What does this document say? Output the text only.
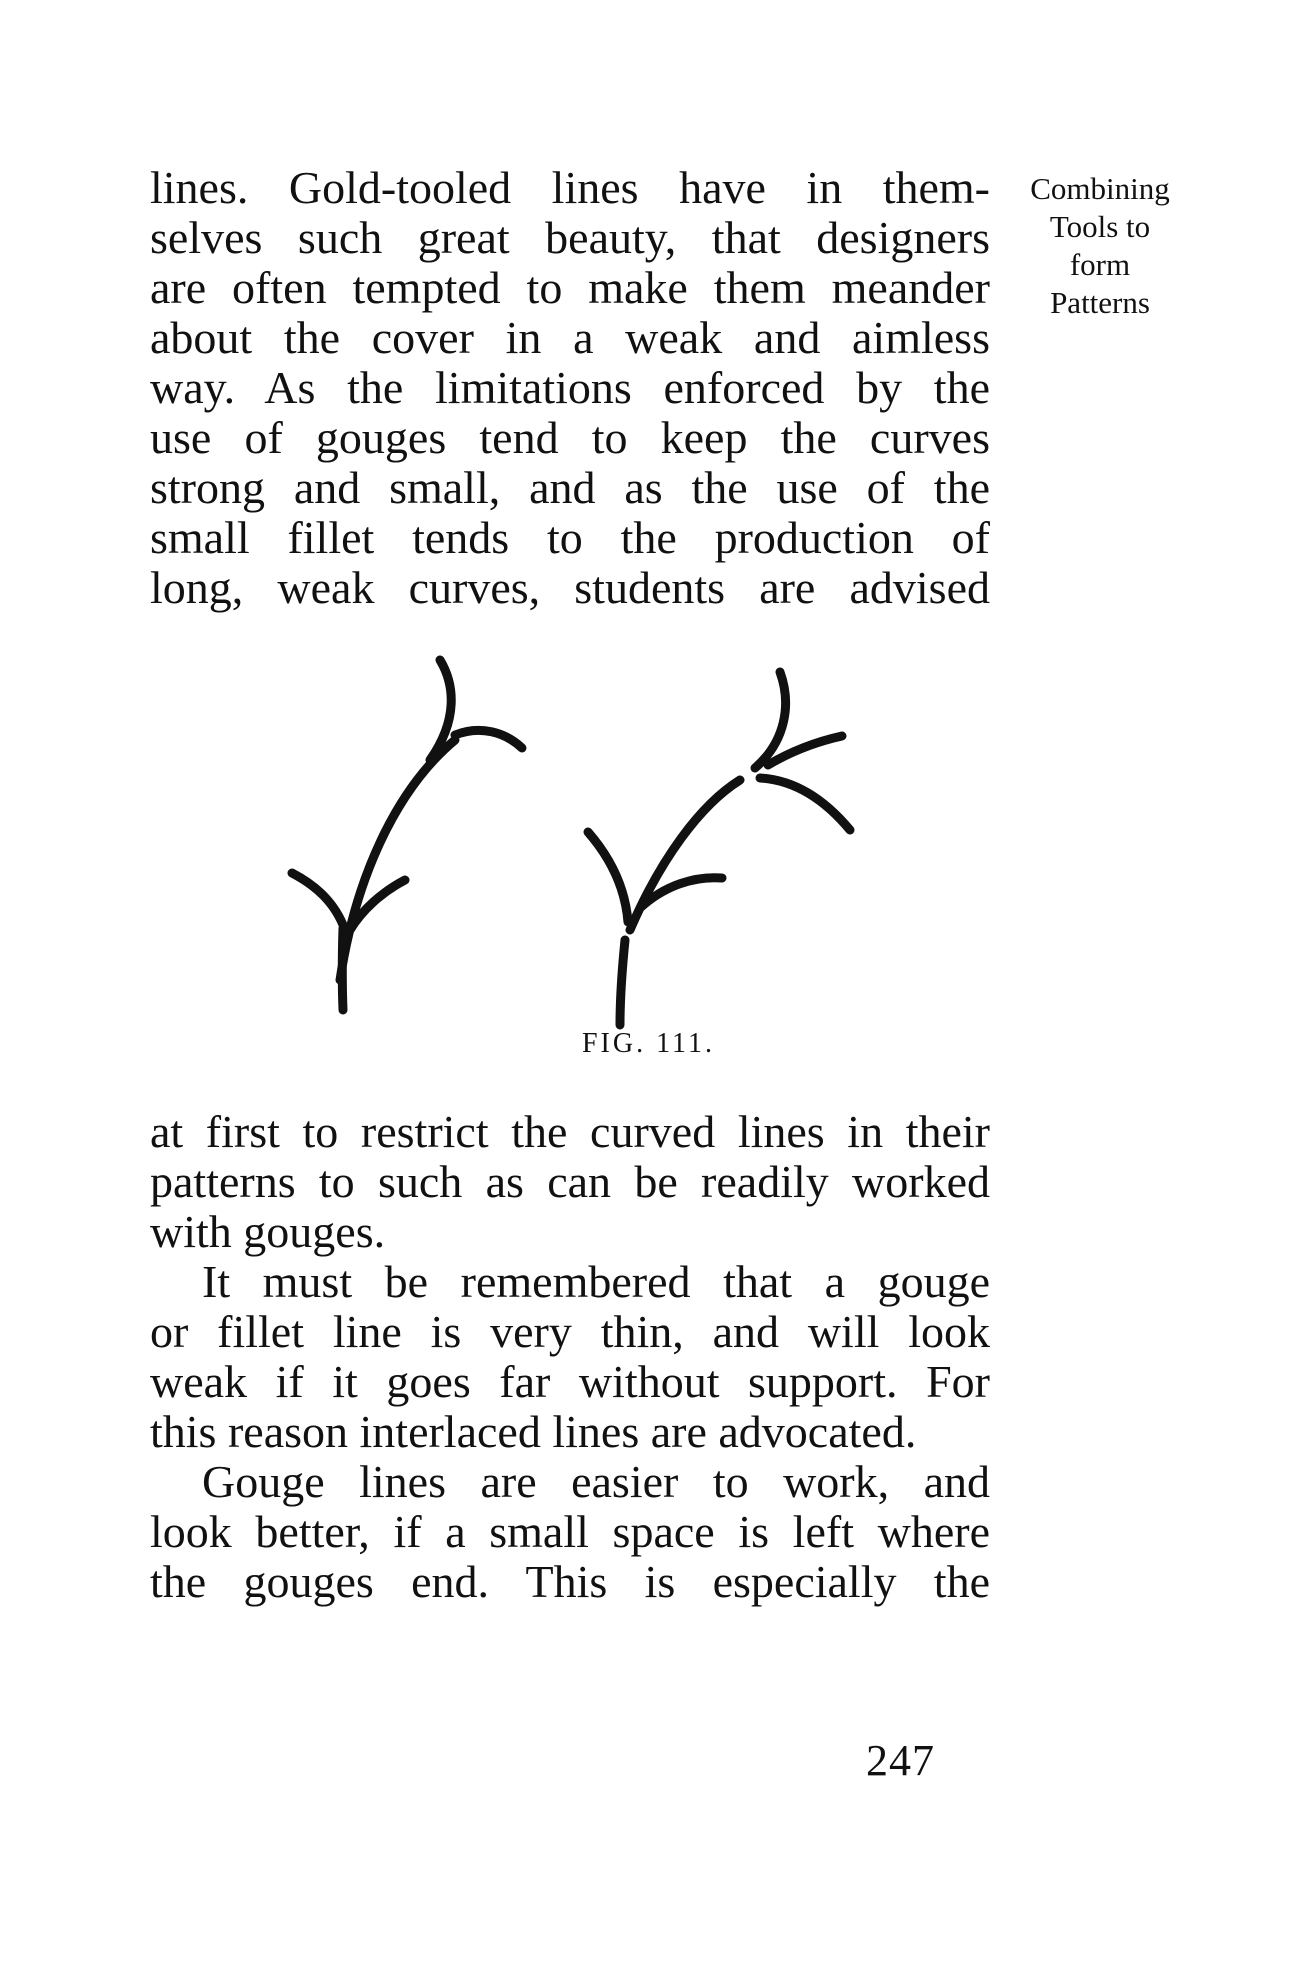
lines. Gold-tooled lines have in them-
selves such great beauty, that designers
are often tempted to make them meander
about the cover in a weak and aimless
way. As the limitations enforced by the
use of gouges tend to keep the curves
strong and small, and as the use of the
small fillet tends to the production of
long, weak curves, students are advised
Combining
Tools to
form
Patterns
FIG. 111.
at first to restrict the curved lines in their
patterns to such as can be readily worked
with gouges.
It must be remembered that a gouge
or fillet line is very thin, and will look
weak if it goes far without support. For
this reason interlaced lines are advocated.
Gouge lines are easier to work, and
look better, if a small space is left where
the gouges end. This is especially the
247
